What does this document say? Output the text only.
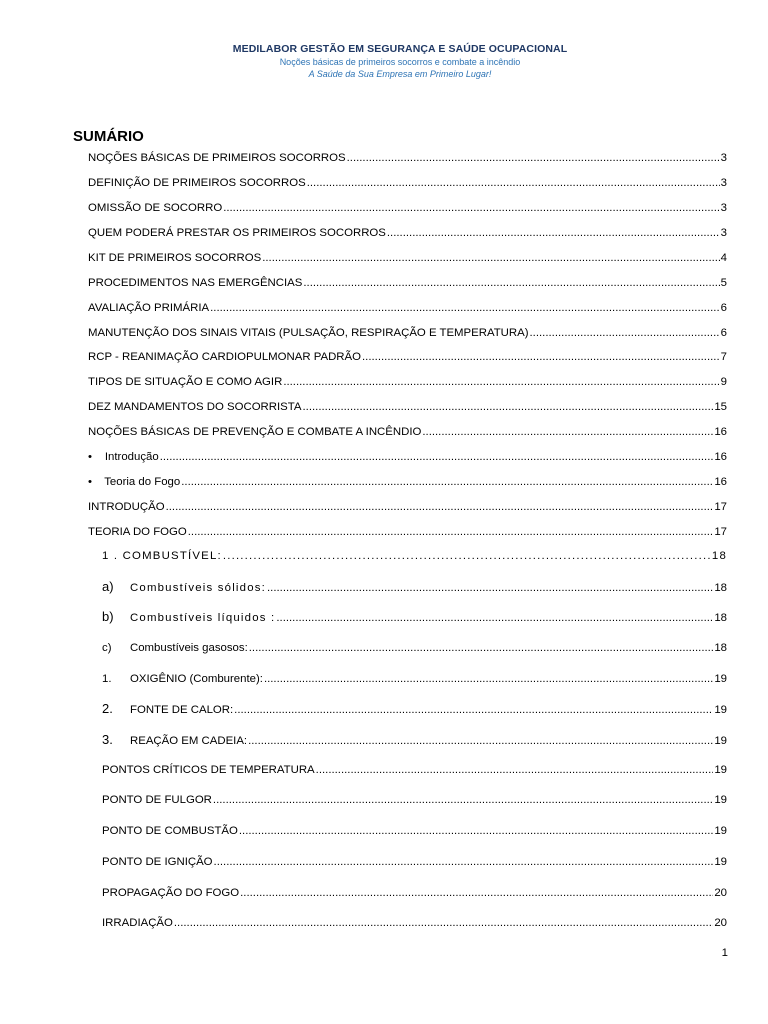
MEDILABOR GESTÃO EM SEGURANÇA E SAÚDE OCUPACIONAL
Noções básicas de primeiros socorros e combate a incêndio
A Saúde da Sua Empresa em Primeiro Lugar!
SUMÁRIO
NOÇÕES BÁSICAS DE PRIMEIROS SOCORROS .....	3
DEFINIÇÃO DE PRIMEIROS SOCORROS .....	3
OMISSÃO DE SOCORRO .....	3
QUEM PODERÁ PRESTAR OS PRIMEIROS SOCORROS .....	3
KIT DE PRIMEIROS SOCORROS .....	4
PROCEDIMENTOS NAS EMERGÊNCIAS .....	5
AVALIAÇÃO PRIMÁRIA .....	6
MANUTENÇÃO DOS SINAIS VITAIS (PULSAÇÃO, RESPIRAÇÃO E TEMPERATURA) .....	6
RCP - REANIMAÇÃO CARDIOPULMONAR PADRÃO .....	7
TIPOS DE SITUAÇÃO E COMO AGIR .....	9
DEZ MANDAMENTOS DO SOCORRISTA .....	15
NOÇÕES BÁSICAS DE PREVENÇÃO E COMBATE A INCÊNDIO .....	16
•	Introdução .....	16
•	Teoria do Fogo .....	16
INTRODUÇÃO .....	17
TEORIA DO FOGO .....	17
1 . COMBUSTÍVEL: .....	18
a)	Combustíveis sólidos: .....	18
b)	Combustíveis líquidos : .....	18
c)	Combustíveis gasosos: .....	18
1.	OXIGÊNIO (Comburente): .....	19
2.	FONTE DE CALOR: .....	19
3.	REAÇÃO EM CADEIA: .....	19
PONTOS CRÍTICOS DE TEMPERATURA .....	19
PONTO DE FULGOR .....	19
PONTO DE COMBUSTÃO .....	19
PONTO DE IGNIÇÃO .....	19
PROPAGAÇÃO DO FOGO .....	20
IRRADIAÇÃO .....	20
1
